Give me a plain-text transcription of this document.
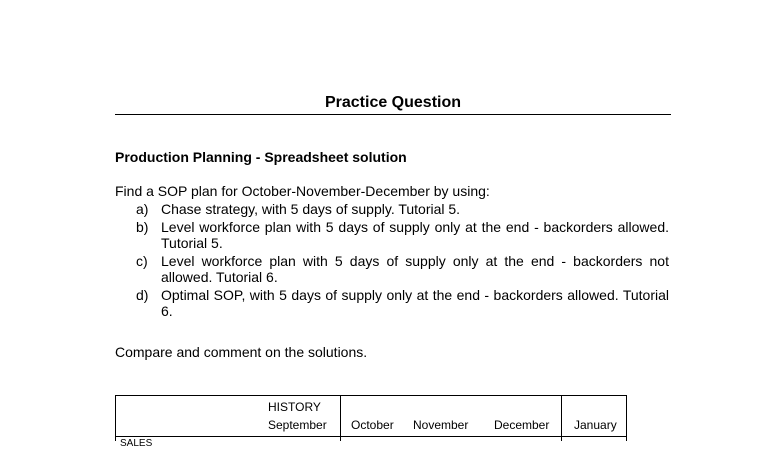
Practice Question
Production Planning - Spreadsheet solution
Find a SOP plan for October-November-December by using:
a) Chase strategy, with 5 days of supply. Tutorial 5.
b) Level workforce plan with 5 days of supply only at the end - backorders allowed. Tutorial 5.
c) Level workforce plan with 5 days of supply only at the end - backorders not allowed. Tutorial 6.
d) Optimal SOP, with 5 days of supply only at the end - backorders allowed. Tutorial 6.
Compare and comment on the solutions.
HISTORY
September October November December January
SALES
